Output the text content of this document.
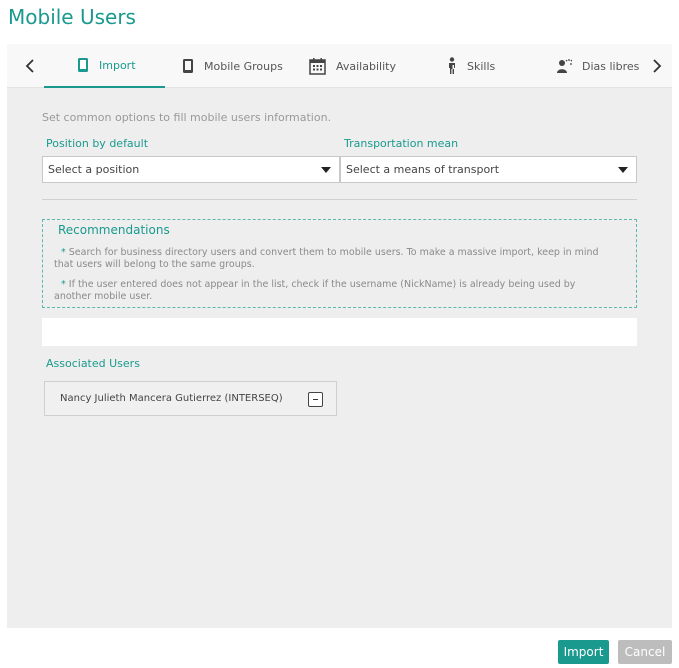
Mobile Users
Import	Mobile Groups	Availability	Skills	Dias libres
Set common options to fill mobile users information.
Position by default
Select a position
Transportation mean
Select a means of transport
Recommendations
* Search for business directory users and convert them to mobile users. To make a massive import, keep in mind
that users will belong to the same groups.
* If the user entered does not appear in the list, check if the username (NickName) is already being used by
another mobile user.
Associated Users
Nancy Julieth Mancera Gutierrez (INTERSEQ)
Import	Cancel
